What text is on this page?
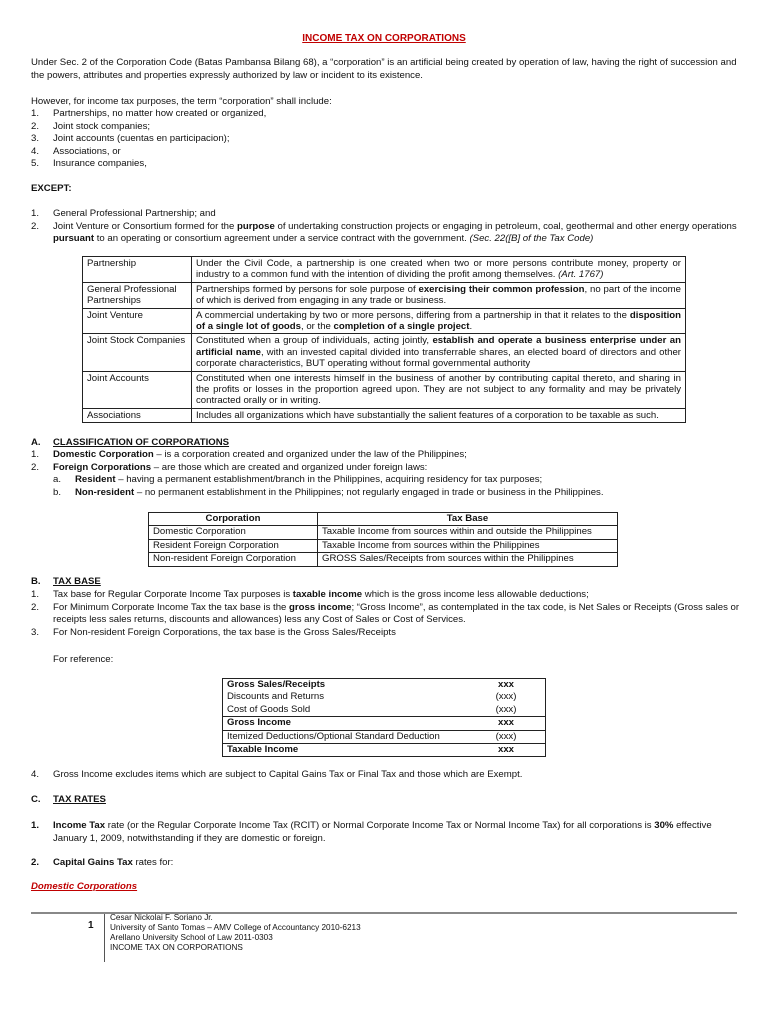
INCOME TAX ON CORPORATIONS
Under Sec. 2 of the Corporation Code (Batas Pambansa Bilang 68), a “corporation” is an artificial being created by operation of law, having the right of succession and the powers, attributes and properties expressly authorized by law or incident to its existence.
However, for income tax purposes, the term “corporation” shall include:
1.	Partnerships, no matter how created or organized,
2.	Joint stock companies;
3.	Joint accounts (cuentas en participacion);
4.	Associations, or
5.	Insurance companies,
EXCEPT:
1.	General Professional Partnership; and
2.	Joint Venture or Consortium formed for the purpose of undertaking construction projects or engaging in petroleum, coal, geothermal and other energy operations pursuant to an operating or consortium agreement under a service contract with the government. (Sec. 22([B] of the Tax Code)
Partnership	Under the Civil Code, a partnership is one created when two or more persons contribute money, property or industry to a common fund with the intention of dividing the profit among themselves. (Art. 1767)
General Professional Partnerships	Partnerships formed by persons for sole purpose of exercising their common profession, no part of the income of which is derived from engaging in any trade or business.
Joint Venture	A commercial undertaking by two or more persons, differing from a partnership in that it relates to the disposition of a single lot of goods, or the completion of a single project.
Joint Stock Companies	Constituted when a group of individuals, acting jointly, establish and operate a business enterprise under an artificial name, with an invested capital divided into transferrable shares, an elected board of directors and other corporate characteristics, BUT operating without formal governmental authority
Joint Accounts	Constituted when one interests himself in the business of another by contributing capital thereto, and sharing in the profits or losses in the proportion agreed upon. They are not subject to any formality and may be privately contracted orally or in writing.
Associations	Includes all organizations which have substantially the salient features of a corporation to be taxable as such.
A.	CLASSIFICATION OF CORPORATIONS
1.	Domestic Corporation – is a corporation created and organized under the law of the Philippines;
2.	Foreign Corporations – are those which are created and organized under foreign laws:
a.	Resident – having a permanent establishment/branch in the Philippines, acquiring residency for tax purposes;
b.	Non-resident – no permanent establishment in the Philippines; not regularly engaged in trade or business in the Philippines.
Corporation	Tax Base
Domestic Corporation	Taxable Income from sources within and outside the Philippines
Resident Foreign Corporation	Taxable Income from sources within the Philippines
Non-resident Foreign Corporation	GROSS Sales/Receipts from sources within the Philippines
B.	TAX BASE
1.	Tax base for Regular Corporate Income Tax purposes is taxable income which is the gross income less allowable deductions;
2.	For Minimum Corporate Income Tax the tax base is the gross income; “Gross Income”, as contemplated in the tax code, is Net Sales or Receipts (Gross sales or receipts less sales returns, discounts and allowances) less any Cost of Sales or Cost of Services.
3.	For Non-resident Foreign Corporations, the tax base is the Gross Sales/Receipts
For reference:
Gross Sales/Receipts	xxx
Discounts and Returns	(xxx)
Cost of Goods Sold	(xxx)
Gross Income	xxx
Itemized Deductions/Optional Standard Deduction	(xxx)
Taxable Income	xxx
4.	Gross Income excludes items which are subject to Capital Gains Tax or Final Tax and those which are Exempt.
C.	TAX RATES
1.	Income Tax rate (or the Regular Corporate Income Tax (RCIT) or Normal Corporate Income Tax or Normal Income Tax) for all corporations is 30% effective January 1, 2009, notwithstanding if they are domestic or foreign.
2.	Capital Gains Tax rates for:
Domestic Corporations
1
Cesar Nickolai F. Soriano Jr.
University of Santo Tomas – AMV College of Accountancy 2010-6213
Arellano University School of Law 2011-0303
INCOME TAX ON CORPORATIONS
